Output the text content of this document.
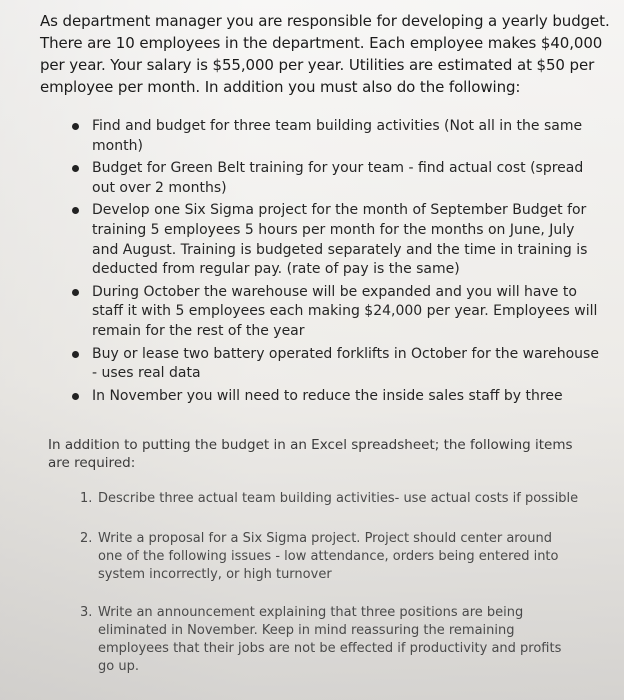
As department manager you are responsible for developing a yearly budget. There are 10 employees in the department. Each employee makes $40,000 per year. Your salary is $55,000 per year. Utilities are estimated at $50 per employee per month. In addition you must also do the following:

Find and budget for three team building activities (Not all in the same month)
Budget for Green Belt training for your team - find actual cost (spread out over 2 months)
Develop one Six Sigma project for the month of September Budget for training 5 employees 5 hours per month for the months on June, July and August. Training is budgeted separately and the time in training is deducted from regular pay. (rate of pay is the same)
During October the warehouse will be expanded and you will have to staff it with 5 employees each making $24,000 per year. Employees will remain for the rest of the year
Buy or lease two battery operated forklifts in October for the warehouse - uses real data
In November you will need to reduce the inside sales staff by three

In addition to putting the budget in an Excel spreadsheet; the following items are required:

1. Describe three actual team building activities- use actual costs if possible
2. Write a proposal for a Six Sigma project. Project should center around one of the following issues - low attendance, orders being entered into system incorrectly, or high turnover
3. Write an announcement explaining that three positions are being eliminated in November. Keep in mind reassuring the remaining employees that their jobs are not be effected if productivity and profits go up.
